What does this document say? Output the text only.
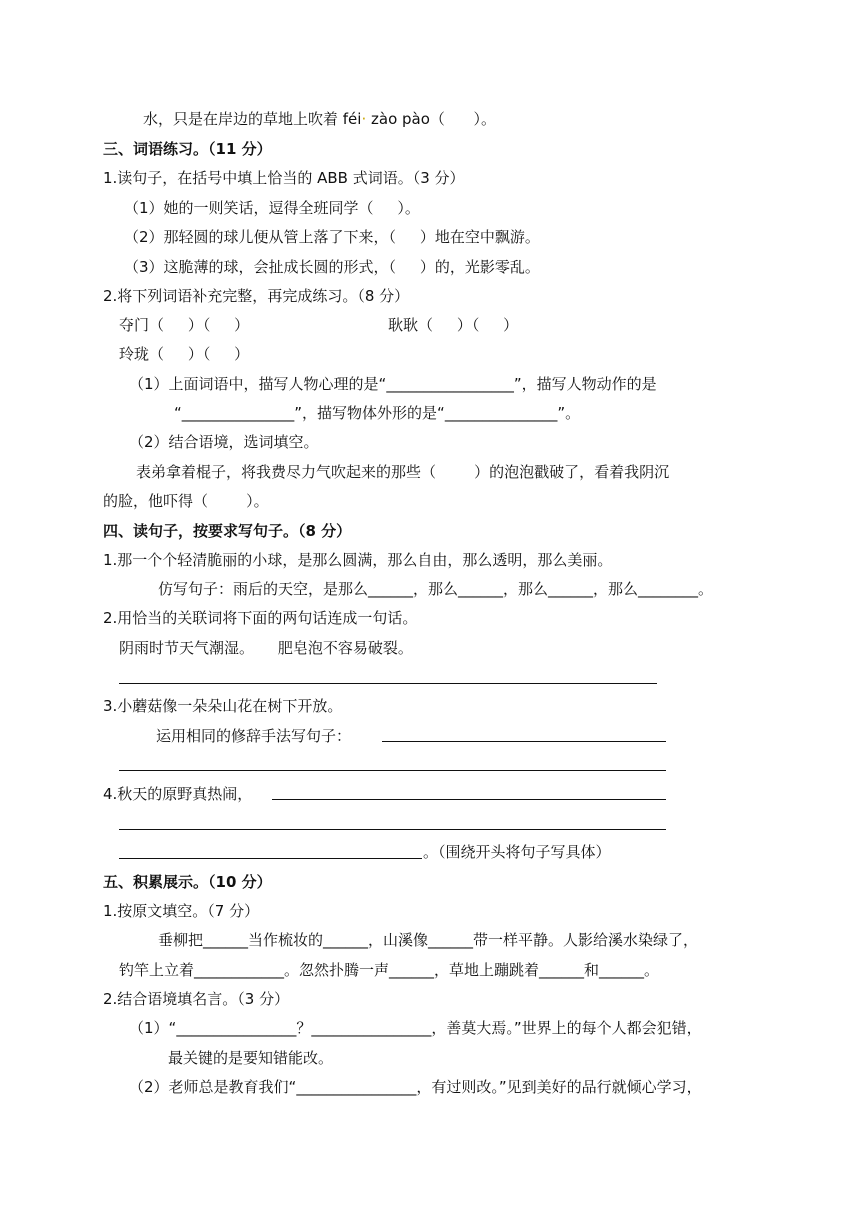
水，只是在岸边的草地上吹着 féi· zào pào（      ）。
三、词语练习。（11 分）
1.读句子，在括号中填上恰当的 ABB 式词语。（3 分）
（1）她的一则笑话，逗得全班同学（     ）。
（2）那轻圆的球儿便从管上落了下来，（     ）地在空中飘游。
（3）这脆薄的球，会扯成长圆的形式，（     ）的，光影零乱。
2.将下列词语补充完整，再完成练习。（8 分）
夺门（     ）（     ）	耿耿（     ）（     ）
玲珑（     ）（     ）
（1）上面词语中，描写人物心理的是“_________________”，描写人物动作的是
“_______________”，描写物体外形的是“_______________”。
（2）结合语境，选词填空。
表弟拿着棍子，将我费尽力气吹起来的那些（        ）的泡泡戳破了，看着我阴沉
的脸，他吓得（        ）。
四、读句子，按要求写句子。（8 分）
1.那一个个轻清脆丽的小球，是那么圆满，那么自由，那么透明，那么美丽。
仿写句子：雨后的天空，是那么______，那么______，那么______，那么________。
2.用恰当的关联词将下面的两句话连成一句话。
阴雨时节天气潮湿。     肥皂泡不容易破裂。
3.小蘑菇像一朵朵山花在树下开放。
运用相同的修辞手法写句子：
4.秋天的原野真热闹，
。（围绕开头将句子写具体）
五、积累展示。（10 分）
1.按原文填空。（7 分）
垂柳把______当作梳妆的______，山溪像______带一样平静。人影给溪水染绿了，
钓竿上立着____________。忽然扑腾一声______，草地上蹦跳着______和______。
2.结合语境填名言。（3 分）
（1）“________________？________________，善莫大焉。”世界上的每个人都会犯错，
最关键的是要知错能改。
（2）老师总是教育我们“________________，有过则改。”见到美好的品行就倾心学习，
